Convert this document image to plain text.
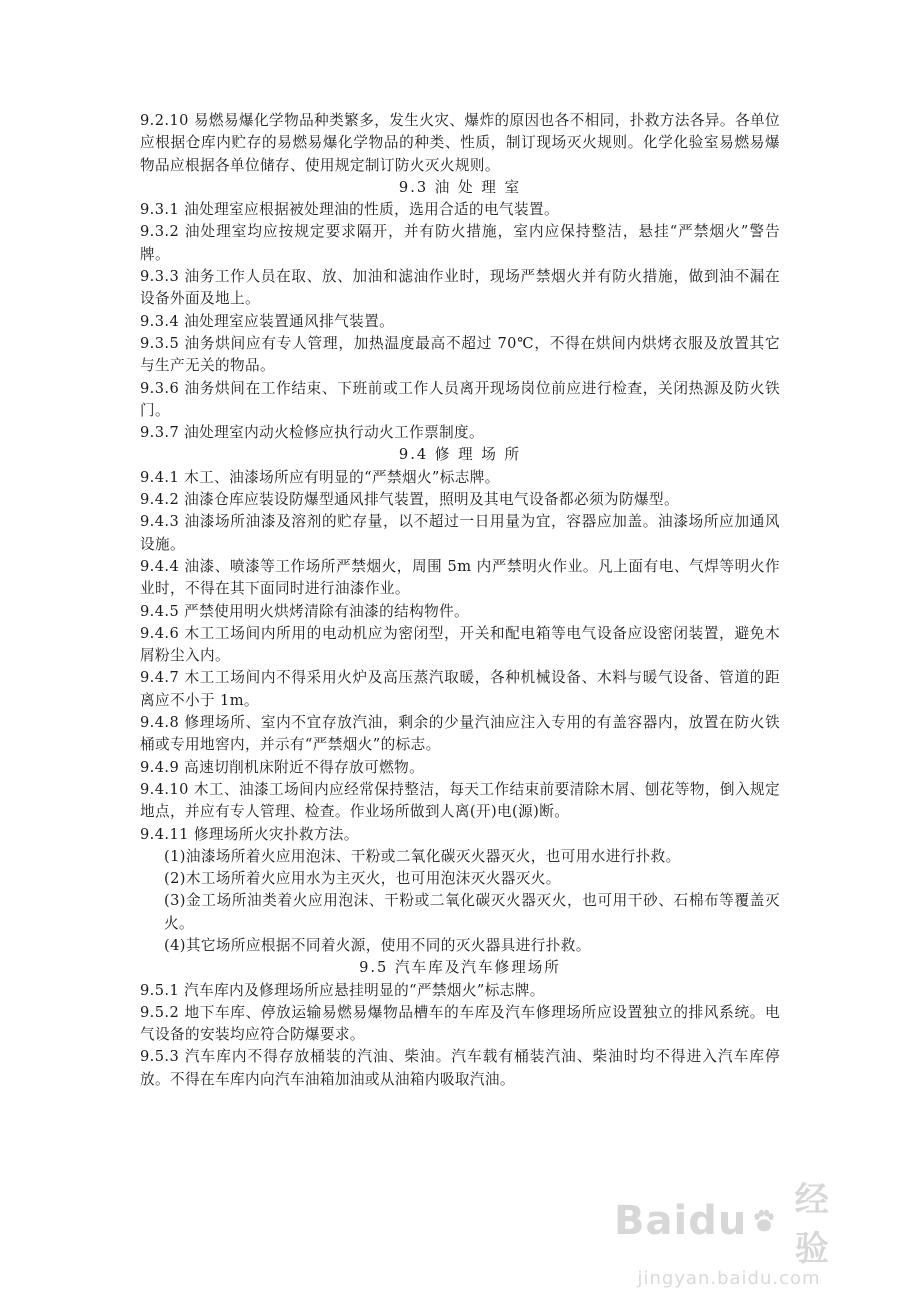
9.2.10 易燃易爆化学物品种类繁多，发生火灾、爆炸的原因也各不相同，扑救方法各异。各单位应根据仓库内贮存的易燃易爆化学物品的种类、性质，制订现场灭火规则。化学化验室易燃易爆物品应根据各单位储存、使用规定制订防火灭火规则。

9.3 油 处 理 室

9.3.1 油处理室应根据被处理油的性质，选用合适的电气装置。

9.3.2 油处理室均应按规定要求隔开，并有防火措施，室内应保持整洁，悬挂“严禁烟火”警告牌。

9.3.3 油务工作人员在取、放、加油和滤油作业时，现场严禁烟火并有防火措施，做到油不漏在设备外面及地上。

9.3.4 油处理室应装置通风排气装置。

9.3.5 油务烘间应有专人管理，加热温度最高不超过 70℃，不得在烘间内烘烤衣服及放置其它与生产无关的物品。

9.3.6 油务烘间在工作结束、下班前或工作人员离开现场岗位前应进行检查，关闭热源及防火铁门。

9.3.7 油处理室内动火检修应执行动火工作票制度。

9.4 修 理 场 所

9.4.1 木工、油漆场所应有明显的“严禁烟火”标志牌。

9.4.2 油漆仓库应装设防爆型通风排气装置，照明及其电气设备都必须为防爆型。

9.4.3 油漆场所油漆及溶剂的贮存量，以不超过一日用量为宜，容器应加盖。油漆场所应加通风设施。

9.4.4 油漆、喷漆等工作场所严禁烟火，周围 5m 内严禁明火作业。凡上面有电、气焊等明火作业时，不得在其下面同时进行油漆作业。

9.4.5 严禁使用明火烘烤清除有油漆的结构物件。

9.4.6 木工工场间内所用的电动机应为密闭型，开关和配电箱等电气设备应设密闭装置，避免木屑粉尘入内。

9.4.7 木工工场间内不得采用火炉及高压蒸汽取暖，各种机械设备、木料与暖气设备、管道的距离应不小于 1m。

9.4.8 修理场所、室内不宜存放汽油，剩余的少量汽油应注入专用的有盖容器内，放置在防火铁桶或专用地窖内，并示有“严禁烟火”的标志。

9.4.9 高速切削机床附近不得存放可燃物。

9.4.10 木工、油漆工场间内应经常保持整洁，每天工作结束前要清除木屑、刨花等物，倒入规定地点，并应有专人管理、检查。作业场所做到人离(开)电(源)断。

9.4.11 修理场所火灾扑救方法。

(1)油漆场所着火应用泡沫、干粉或二氧化碳灭火器灭火，也可用水进行扑救。

(2)木工场所着火应用水为主灭火，也可用泡沫灭火器灭火。

(3)金工场所油类着火应用泡沫、干粉或二氧化碳灭火器灭火，也可用干砂、石棉布等覆盖灭火。

(4)其它场所应根据不同着火源，使用不同的灭火器具进行扑救。

9.5 汽车库及汽车修理场所

9.5.1 汽车库内及修理场所应悬挂明显的“严禁烟火”标志牌。

9.5.2 地下车库、停放运输易燃易爆物品槽车的车库及汽车修理场所应设置独立的排风系统。电气设备的安装均应符合防爆要求。

9.5.3 汽车库内不得存放桶装的汽油、柴油。汽车载有桶装汽油、柴油时均不得进入汽车库停放。不得在车库内向汽车油箱加油或从油箱内吸取汽油。

Baidu	经验
jingyan.baidu.com
